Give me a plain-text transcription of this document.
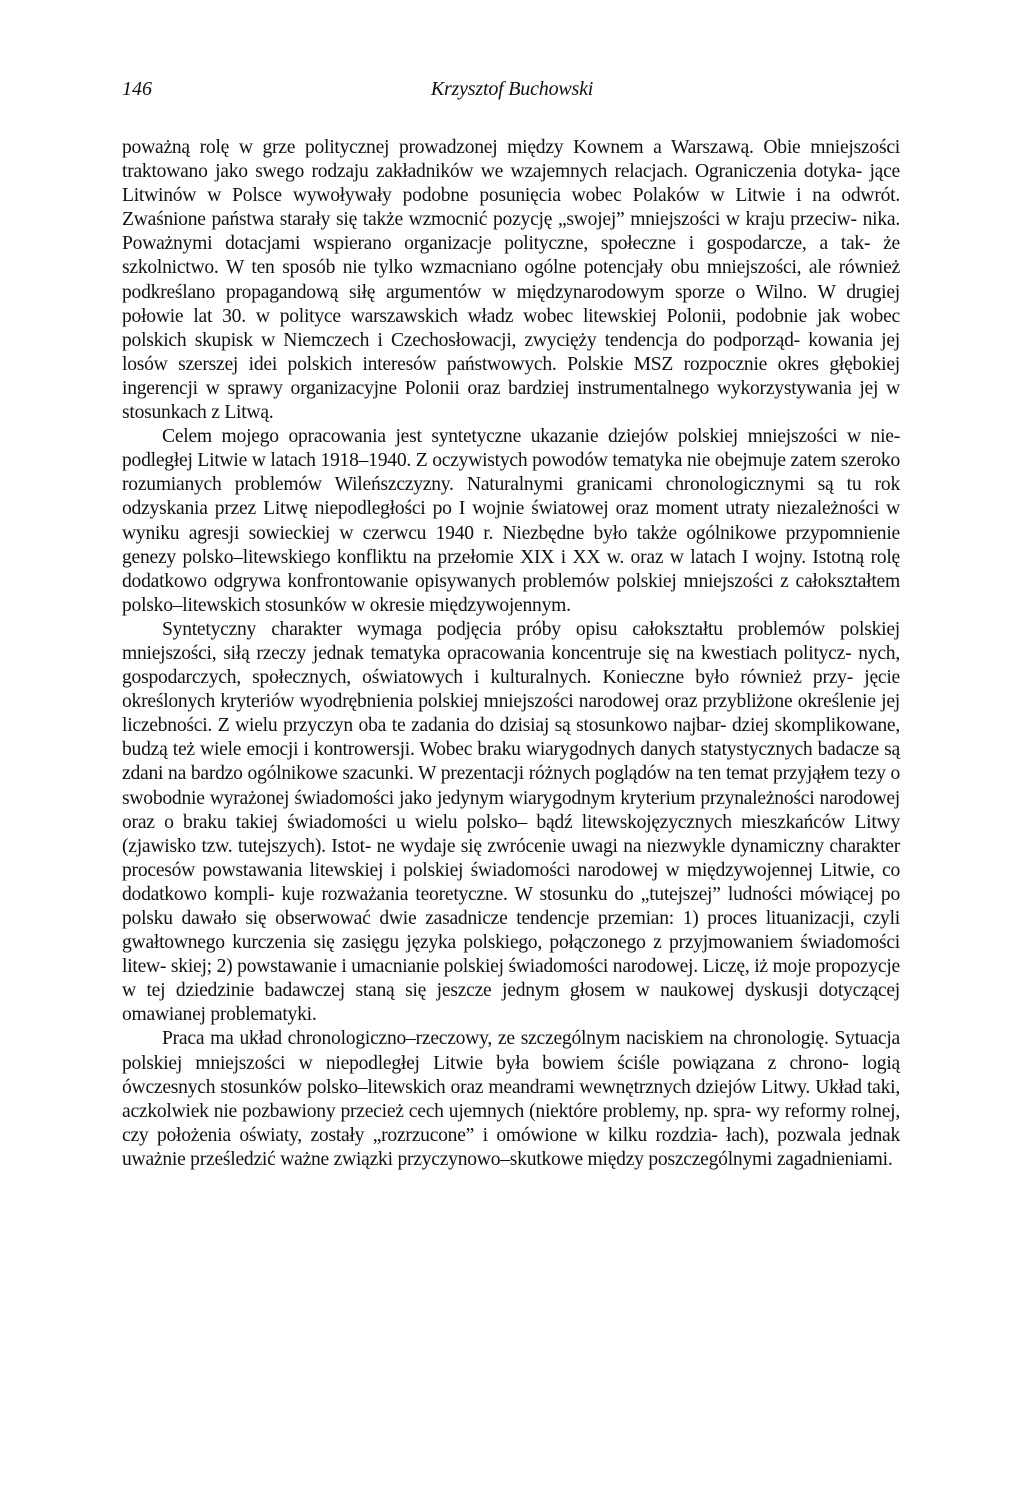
146	Krzysztof Buchowski

poważną rolę w grze politycznej prowadzonej między Kownem a Warszawą. Obie mniejszości traktowano jako swego rodzaju zakładników we wzajemnych relacjach. Ograniczenia dotyka- jące Litwinów w Polsce wywoływały podobne posunięcia wobec Polaków w Litwie i na odwrót. Zwaśnione państwa starały się także wzmocnić pozycję „swojej” mniejszości w kraju przeciw- nika. Poważnymi dotacjami wspierano organizacje polityczne, społeczne i gospodarcze, a tak- że szkolnictwo. W ten sposób nie tylko wzmacniano ogólne potencjały obu mniejszości, ale również podkreślano propagandową siłę argumentów w międzynarodowym sporze o Wilno. W drugiej połowie lat 30. w polityce warszawskich władz wobec litewskiej Polonii, podobnie jak wobec polskich skupisk w Niemczech i Czechosłowacji, zwycięży tendencja do podporząd- kowania jej losów szerszej idei polskich interesów państwowych. Polskie MSZ rozpocznie okres głębokiej ingerencji w sprawy organizacyjne Polonii oraz bardziej instrumentalnego wykorzystywania jej w stosunkach z Litwą.

Celem mojego opracowania jest syntetyczne ukazanie dziejów polskiej mniejszości w nie- podległej Litwie w latach 1918–1940. Z oczywistych powodów tematyka nie obejmuje zatem szeroko rozumianych problemów Wileńszczyzny. Naturalnymi granicami chronologicznymi są tu rok odzyskania przez Litwę niepodległości po I wojnie światowej oraz moment utraty niezależności w wyniku agresji sowieckiej w czerwcu 1940 r. Niezbędne było także ogólnikowe przypomnienie genezy polsko–litewskiego konfliktu na przełomie XIX i XX w. oraz w latach I wojny. Istotną rolę dodatkowo odgrywa konfrontowanie opisywanych problemów polskiej mniejszości z całokształtem polsko–litewskich stosunków w okresie międzywojennym.

Syntetyczny charakter wymaga podjęcia próby opisu całokształtu problemów polskiej mniejszości, siłą rzeczy jednak tematyka opracowania koncentruje się na kwestiach politycz- nych, gospodarczych, społecznych, oświatowych i kulturalnych. Konieczne było również przy- jęcie określonych kryteriów wyodrębnienia polskiej mniejszości narodowej oraz przybliżone określenie jej liczebności. Z wielu przyczyn oba te zadania do dzisiaj są stosunkowo najbar- dziej skomplikowane, budzą też wiele emocji i kontrowersji. Wobec braku wiarygodnych danych statystycznych badacze są zdani na bardzo ogólnikowe szacunki. W prezentacji różnych poglądów na ten temat przyjąłem tezy o swobodnie wyrażonej świadomości jako jedynym wiarygodnym kryterium przynależności narodowej oraz o braku takiej świadomości u wielu polsko– bądź litewskojęzycznych mieszkańców Litwy (zjawisko tzw. tutejszych). Istot- ne wydaje się zwrócenie uwagi na niezwykle dynamiczny charakter procesów powstawania litewskiej i polskiej świadomości narodowej w międzywojennej Litwie, co dodatkowo kompli- kuje rozważania teoretyczne. W stosunku do „tutejszej” ludności mówiącej po polsku dawało się obserwować dwie zasadnicze tendencje przemian: 1) proces lituanizacji, czyli gwałtownego kurczenia się zasięgu języka polskiego, połączonego z przyjmowaniem świadomości litew- skiej; 2) powstawanie i umacnianie polskiej świadomości narodowej. Liczę, iż moje propozycje w tej dziedzinie badawczej staną się jeszcze jednym głosem w naukowej dyskusji dotyczącej omawianej problematyki.

Praca ma układ chronologiczno–rzeczowy, ze szczególnym naciskiem na chronologię. Sytuacja polskiej mniejszości w niepodległej Litwie była bowiem ściśle powiązana z chrono- logią ówczesnych stosunków polsko–litewskich oraz meandrami wewnętrznych dziejów Litwy. Układ taki, aczkolwiek nie pozbawiony przecież cech ujemnych (niektóre problemy, np. spra- wy reformy rolnej, czy położenia oświaty, zostały „rozrzucone” i omówione w kilku rozdzia- łach), pozwala jednak uważnie prześledzić ważne związki przyczynowo–skutkowe między poszczególnymi zagadnieniami.
